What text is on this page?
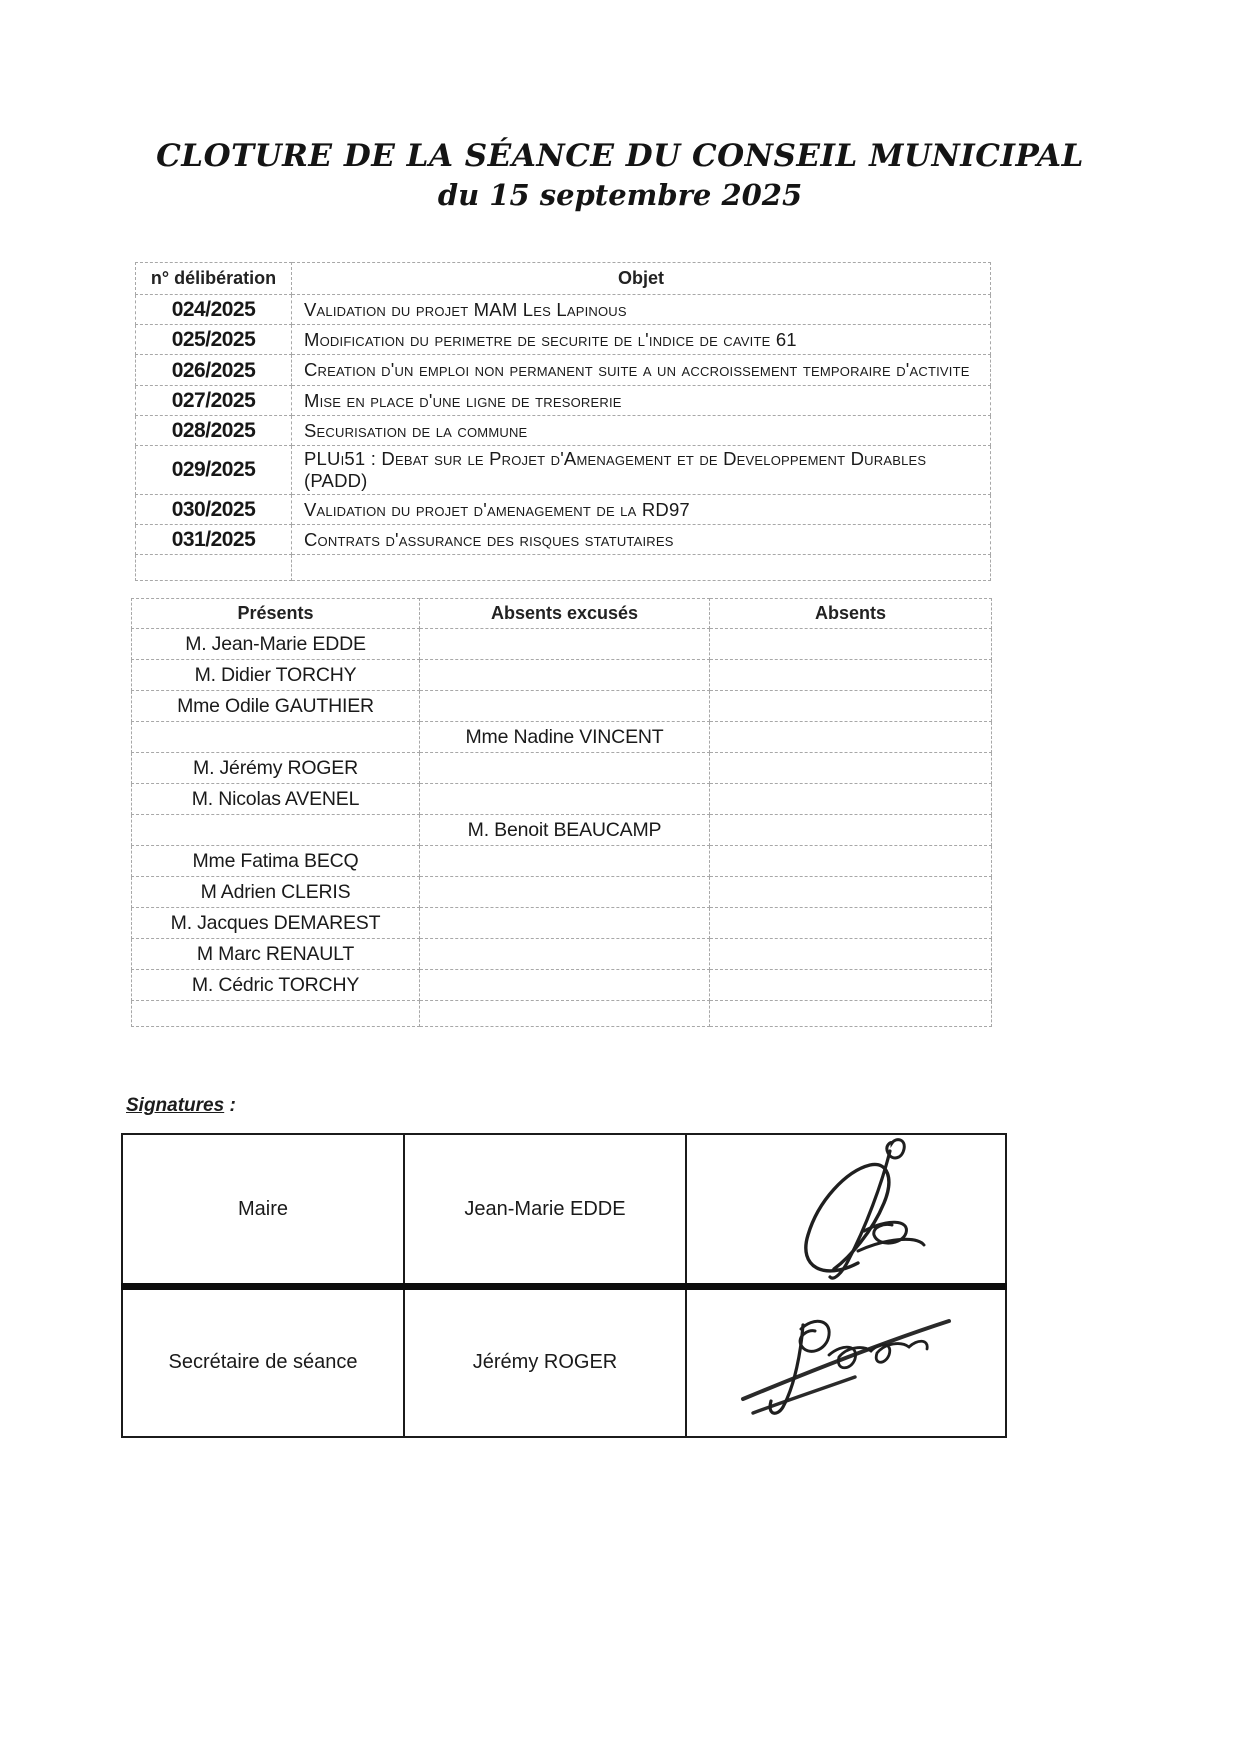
CLOTURE DE LA SÉANCE DU CONSEIL MUNICIPAL
du 15 septembre 2025
n° délibération	Objet
024/2025	Validation du projet MAM Les Lapinous
025/2025	Modification du perimetre de securite de l'indice de cavite 61
026/2025	Creation d'un emploi non permanent suite a un accroissement temporaire d'activite
027/2025	Mise en place d'une ligne de tresorerie
028/2025	Securisation de la commune
029/2025	PLUi51 : Debat sur le Projet d'Amenagement et de Developpement Durables (PADD)
030/2025	Validation du projet d'amenagement de la RD97
031/2025	Contrats d'assurance des risques statutaires

Présents	Absents excusés	Absents
M. Jean-Marie EDDE		
M. Didier TORCHY		
Mme Odile GAUTHIER		
	Mme Nadine VINCENT	
M. Jérémy ROGER		
M. Nicolas AVENEL		
	M. Benoit BEAUCAMP	
Mme Fatima BECQ		
M Adrien CLERIS		
M. Jacques DEMAREST		
M Marc RENAULT		
M. Cédric TORCHY		

Signatures :
Maire	Jean-Marie EDDE	

Secrétaire de séance	Jérémy ROGER	
